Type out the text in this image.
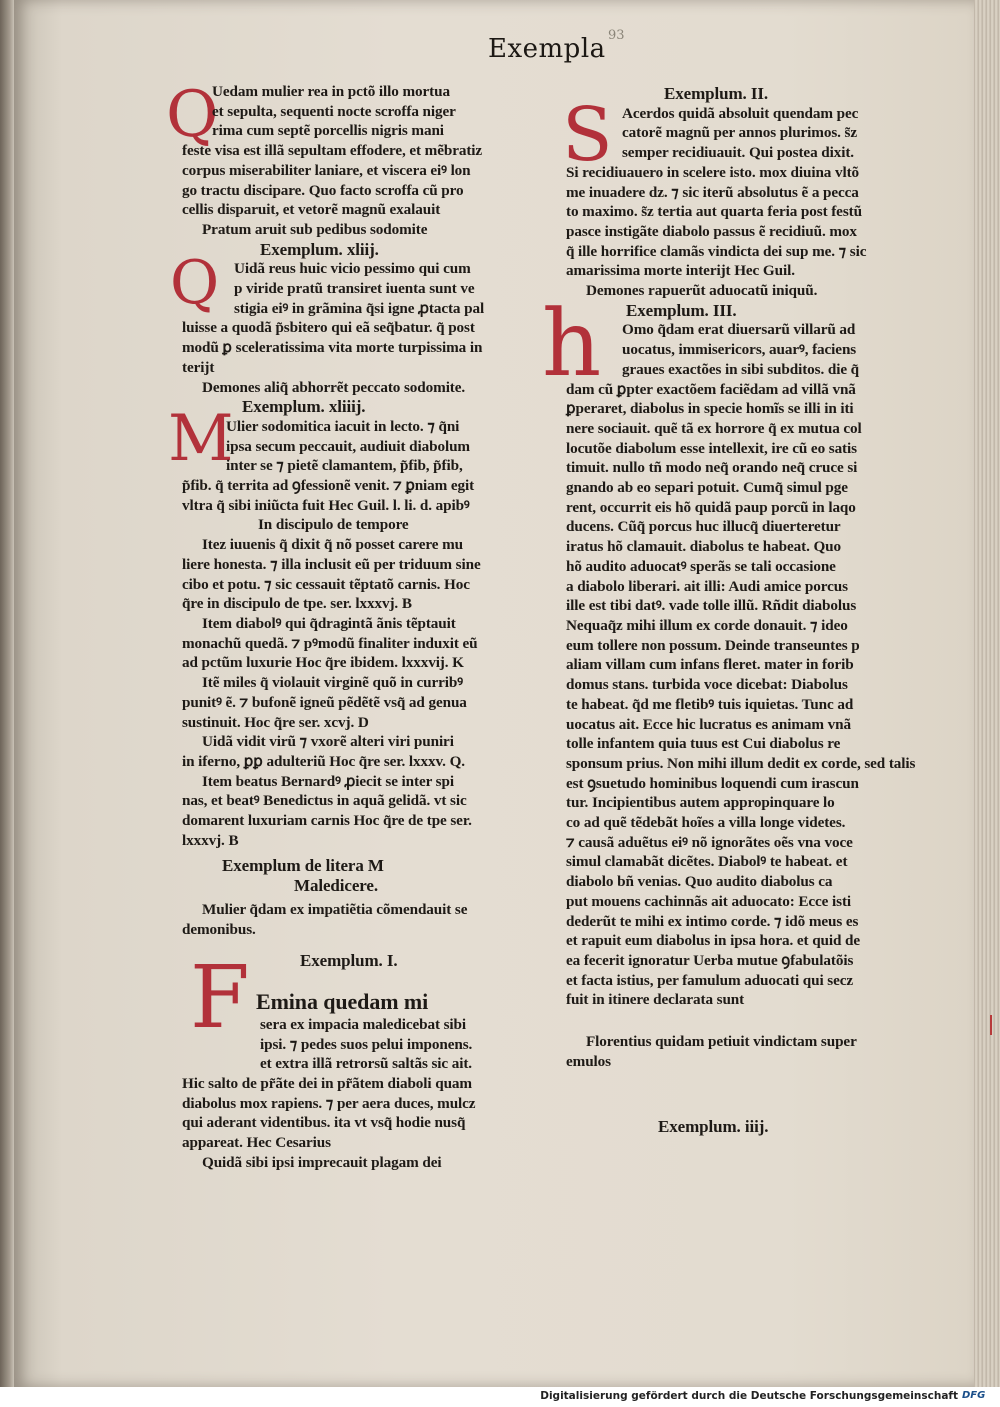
Exempla 93
Q
Q
M
F
S
h

Uedam mulier rea in pctõ illo mortua

et sepulta, sequenti nocte scroffa niger

rima cum septẽ porcellis nigris mani

feste visa est illã sepultam effodere, et mẽbratiz

corpus miserabiliter laniare, et viscera eiꝰ lon

go tractu discipare. Quo facto scroffa cũ pro

cellis disparuit, et vetorẽ magnũ exalauit

Pratum aruit sub pedibus sodomite

Exemplum. xliij.

Uidã reus huic vicio pessimo qui cum

p viride pratũ transiret iuenta sunt ve

stigia eiꝰ in grãmina q̃si igne ꝓtacta pal

luisse a quodã p̃sbitero qui eã seq̃batur. q̃ post

modũ ꝑ sceleratissima vita morte turpissima in

terijt

Demones aliq̃ abhorrẽt peccato sodomite.

Exemplum. xliiij.

Ulier sodomitica iacuit in lecto. ⁊ q̃ni

ipsa secum peccauit, audiuit diabolum

inter se ⁊ pietẽ clamantem, p̃fib, p̃fib,

p̃fib. q̃ territa ad ꝯfessionẽ venit. ⁊ ꝑniam egit

vltra q̃ sibi iniũcta fuit Hec Guil. l. li. d. apibꝰ

In discipulo de tempore

Itez iuuenis q̃ dixit q̃ nõ posset carere mu

liere honesta. ⁊ illa inclusit eũ per triduum sine

cibo et potu. ⁊ sic cessauit tẽptatõ carnis. Hoc

q̃re in discipulo de tpe. ser. lxxxvj. B

Item diabolꝰ qui q̃dragintã ãnis tẽptauit

monachũ quedã. ⁊ pꝰmodũ finaliter induxit eũ

ad pctũm luxurie Hoc q̃re ibidem. lxxxvij. K

Itẽ miles q̃ violauit virginẽ quõ in curribꝰ

punitꝰ ẽ. ⁊ bufonẽ igneũ pẽdẽtẽ vsq̃ ad genua

sustinuit. Hoc q̃re ser. xcvj. D

Uidã vidit virũ ⁊ vxorẽ alteri viri puniri

in iferno, ꝑꝑ adulteriũ Hoc q̃re ser. lxxxv. Q.

Item beatus Bernardꝰ ꝓiecit se inter spi

nas, et beatꝰ Benedictus in aquã gelidã. vt sic

domarent luxuriam carnis Hoc q̃re de tpe ser.

lxxxvj. B

Exemplum de litera M

Maledicere.

Mulier q̃dam ex impatiẽtia cõmendauit se

demonibus.

Exemplum. I.

Emina quedam mi

sera ex impacia maledicebat sibi

ipsi. ⁊ pedes suos pelui imponens.

et extra illã retrorsũ saltãs sic ait.

Hic salto de pr̃ãte dei in pr̃ãtem diaboli quam

diabolus mox rapiens. ⁊ per aera duces, mulcz

qui aderant videntibus. ita vt vsq̃ hodie nusq̃

appareat. Hec Cesarius

Quidã sibi ipsi imprecauit plagam dei

Exemplum. II.

Acerdos quidã absoluit quendam pec

catorẽ magnũ per annos plurimos. s̃z

semper recidiuauit. Qui postea dixit.

Si recidiuauero in scelere isto. mox diuina vltõ

me inuadere dz. ⁊ sic iterũ absolutus ẽ a pecca

to maximo. s̃z tertia aut quarta feria post festũ

pasce instigãte diabolo passus ẽ recidiuũ. mox

q̃ ille horrifice clamãs vindicta dei sup me. ⁊ sic

amarissima morte interijt Hec Guil.

Demones rapuerũt aduocatũ iniquũ.

Exemplum. III.

Omo q̃dam erat diuersarũ villarũ ad

uocatus, immisericors, auarꝰ, faciens

graues exactões in sibi subditos. die q̃

dam cũ ꝑpter exactõem faciẽdam ad villã vnã

ꝑperaret, diabolus in specie homĩs se illi in iti

nere sociauit. quẽ tã ex horrore q̃ ex mutua col

locutõe diabolum esse intellexit, ire cũ eo satis

timuit. nullo tñ modo neq̃ orando neq̃ cruce si

gnando ab eo separi potuit. Cumq̃ simul pge

rent, occurrit eis hõ quidã paup porcũ in laqo

ducens. Cũq̃ porcus huc illucq̃ diuerteretur

iratus hõ clamauit. diabolus te habeat. Quo

hõ audito aduocatꝰ sperãs se tali occasione

a diabolo liberari. ait illi: Audi amice porcus

ille est tibi datꝰ. vade tolle illũ. Rñdit diabolus

Nequaq̃z mihi illum ex corde donauit. ⁊ ideo

eum tollere non possum. Deinde transeuntes p

aliam villam cum infans fleret. mater in forib

domus stans. turbida voce dicebat: Diabolus

te habeat. q̃d me fletibꝰ tuis iquietas. Tunc ad

uocatus ait. Ecce hic lucratus es animam vnã

tolle infantem quia tuus est Cui diabolus re

sponsum prius. Non mihi illum dedit ex corde, sed talis

est ꝯsuetudo hominibus loquendi cum irascun

tur. Incipientibus autem appropinquare lo

co ad quẽ tẽdebãt hoĩes a villa longe videtes.

⁊ causã aduẽtus eiꝰ nõ ignorãtes oẽs vna voce

simul clamabãt dicẽtes. Diabolꝰ te habeat. et

diabolo bñ venias. Quo audito diabolus ca

put mouens cachinnãs ait aduocato: Ecce isti

dederũt te mihi ex intimo corde. ⁊ idõ meus es

et rapuit eum diabolus in ipsa hora. et quid de

ea fecerit ignoratur Uerba mutue ꝯfabulatõis

et facta istius, per famulum aduocati qui secz

fuit in itinere declarata sunt

Florentius quidam petiuit vindictam super

emulos

Exemplum. iiij.

Digitalisierung gefördert durch die Deutsche Forschungsgemeinschaft DFG
